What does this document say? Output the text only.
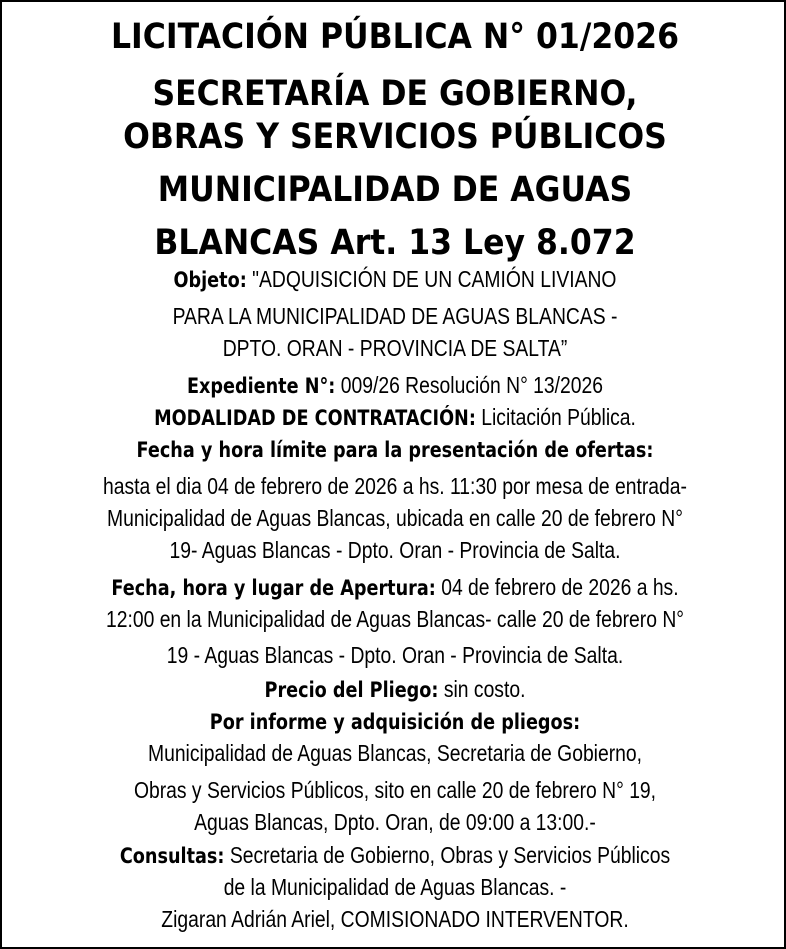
LICITACIÓN PÚBLICA N° 01/2026
SECRETARÍA DE GOBIERNO,
OBRAS Y SERVICIOS PÚBLICOS
MUNICIPALIDAD DE AGUAS
BLANCAS Art. 13 Ley 8.072
Objeto: "ADQUISICIÓN DE UN CAMIÓN LIVIANO
PARA LA MUNICIPALIDAD DE AGUAS BLANCAS -
DPTO. ORAN - PROVINCIA DE SALTA”
Expediente N°: 009/26 Resolución N° 13/2026
MODALIDAD DE CONTRATACIÓN: Licitación Pública.
Fecha y hora límite para la presentación de ofertas:
hasta el dia 04 de febrero de 2026 a hs. 11:30 por mesa de entrada-
Municipalidad de Aguas Blancas, ubicada en calle 20 de febrero N°
19- Aguas Blancas - Dpto. Oran - Provincia de Salta.
Fecha, hora y lugar de Apertura: 04 de febrero de 2026 a hs.
12:00 en la Municipalidad de Aguas Blancas- calle 20 de febrero N°
19 - Aguas Blancas - Dpto. Oran - Provincia de Salta.
Precio del Pliego: sin costo.
Por informe y adquisición de pliegos:
Municipalidad de Aguas Blancas, Secretaria de Gobierno,
Obras y Servicios Públicos, sito en calle 20 de febrero N° 19,
Aguas Blancas, Dpto. Oran, de 09:00 a 13:00.-
Consultas: Secretaria de Gobierno, Obras y Servicios Públicos
de la Municipalidad de Aguas Blancas. -
Zigaran Adrián Ariel, COMISIONADO INTERVENTOR.
